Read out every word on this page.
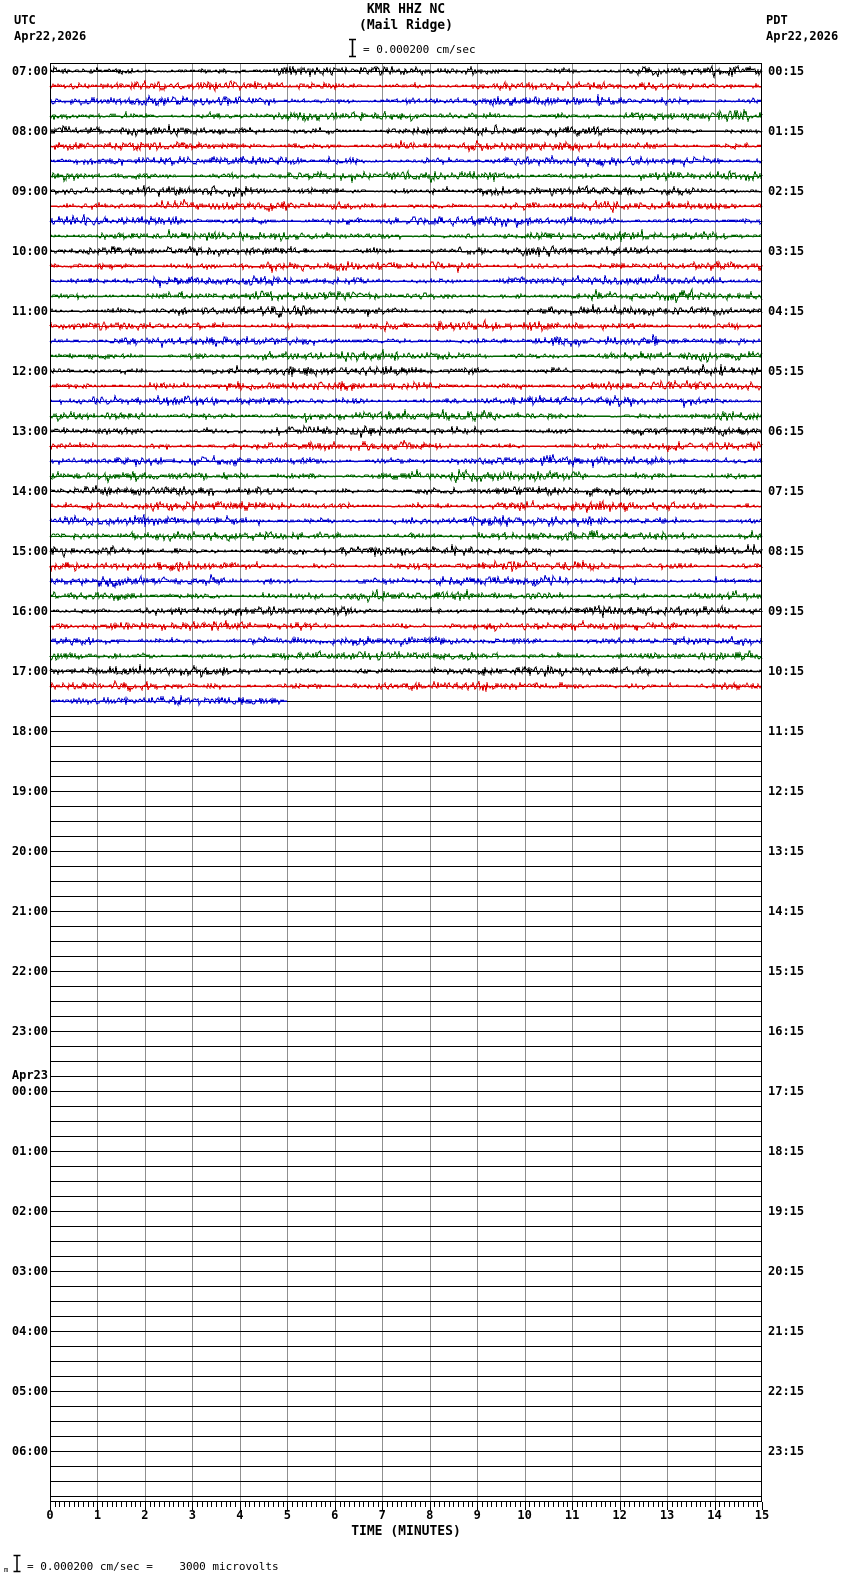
UTC
Apr22,2026
KMR HHZ NC
(Mail Ridge)	PDT
Apr22,2026
= 0.000200 cm/sec
07:00
08:00
09:00
10:00
11:00
12:00
13:00
14:00
15:00
16:00
17:00
18:00
19:00
20:00
21:00
22:00
23:00
00:00
01:00
02:00
03:00
04:00
05:00
06:00
Apr23
00:15
01:15
02:15
03:15
04:15
05:15
06:15
07:15
08:15
09:15
10:15
11:15
12:15
13:15
14:15
15:15
16:15
17:15
18:15
19:15
20:15
21:15
22:15
23:15
0	1	2	3	4	5	6	7	8	9	10	11	12	13	14	15
TIME (MINUTES)
m = 0.000200 cm/sec =    3000 microvolts
